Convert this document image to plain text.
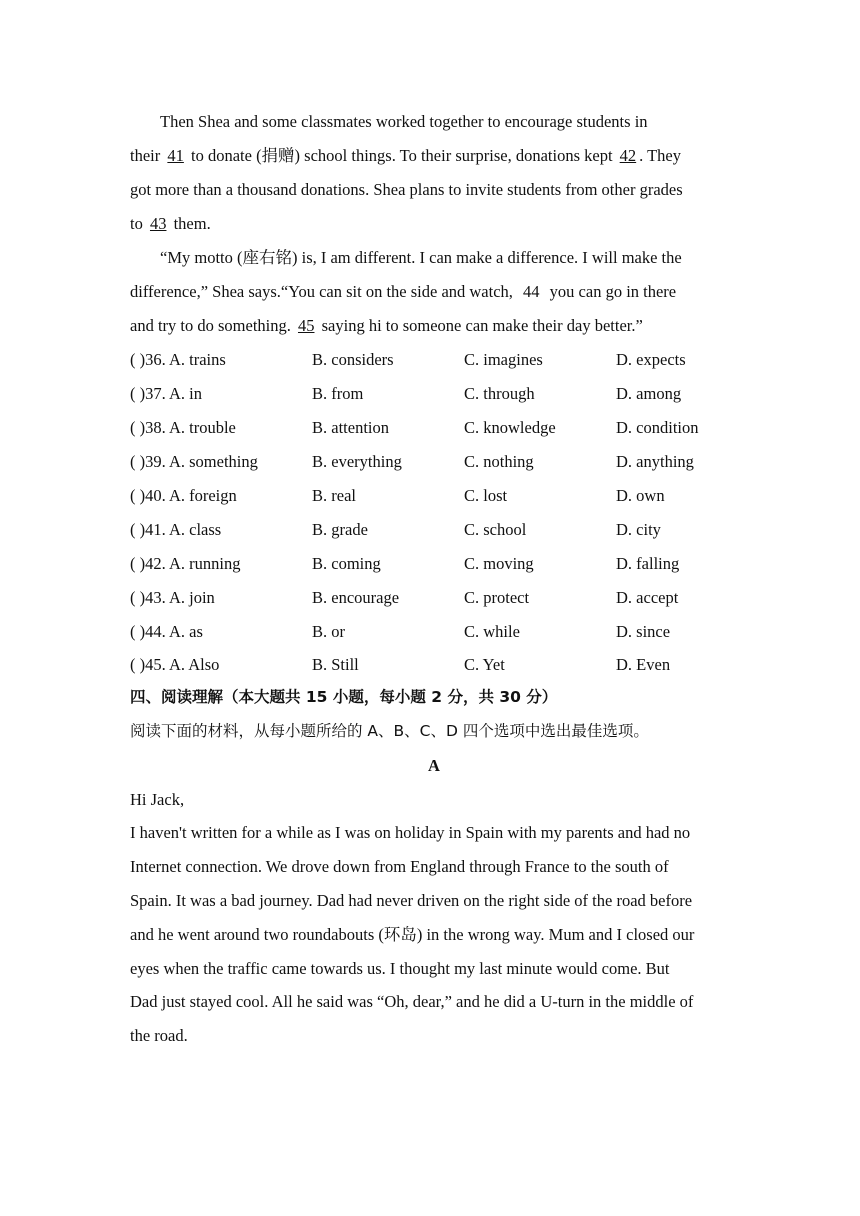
Then Shea and some classmates worked together to encourage students in
their 41 to donate (捐赠) school things. To their surprise, donations kept 42 . They
got more than a thousand donations. Shea plans to invite students from other grades
to 43 them.
“My motto (座右铭) is, I am different. I can make a difference. I will make the
difference,” Shea says.“You can sit on the side and watch, 44 you can go in there
and try to do something. 45 saying hi to someone can make their day better.”
( )36. A. trains	B. considers	C. imagines	D. expects
( )37. A. in	B. from	C. through	D. among
( )38. A. trouble	B. attention	C. knowledge	D. condition
( )39. A. something	B. everything	C. nothing	D. anything
( )40. A. foreign	B. real	C. lost	D. own
( )41. A. class	B. grade	C. school	D. city
( )42. A. running	B. coming	C. moving	D. falling
( )43. A. join	B. encourage	C. protect	D. accept
( )44. A. as	B. or	C. while	D. since
( )45. A. Also	B. Still	C. Yet	D. Even
四、阅读理解（本大题共 15 小题，每小题 2 分，共 30 分）
阅读下面的材料，从每小题所给的 A、B、C、D 四个选项中选出最佳选项。
A
Hi Jack,
I haven't written for a while as I was on holiday in Spain with my parents and had no
Internet connection. We drove down from England through France to the south of
Spain. It was a bad journey. Dad had never driven on the right side of the road before
and he went around two roundabouts (环岛) in the wrong way. Mum and I closed our
eyes when the traffic came towards us. I thought my last minute would come. But
Dad just stayed cool. All he said was “Oh, dear,” and he did a U-turn in the middle of
the road.
